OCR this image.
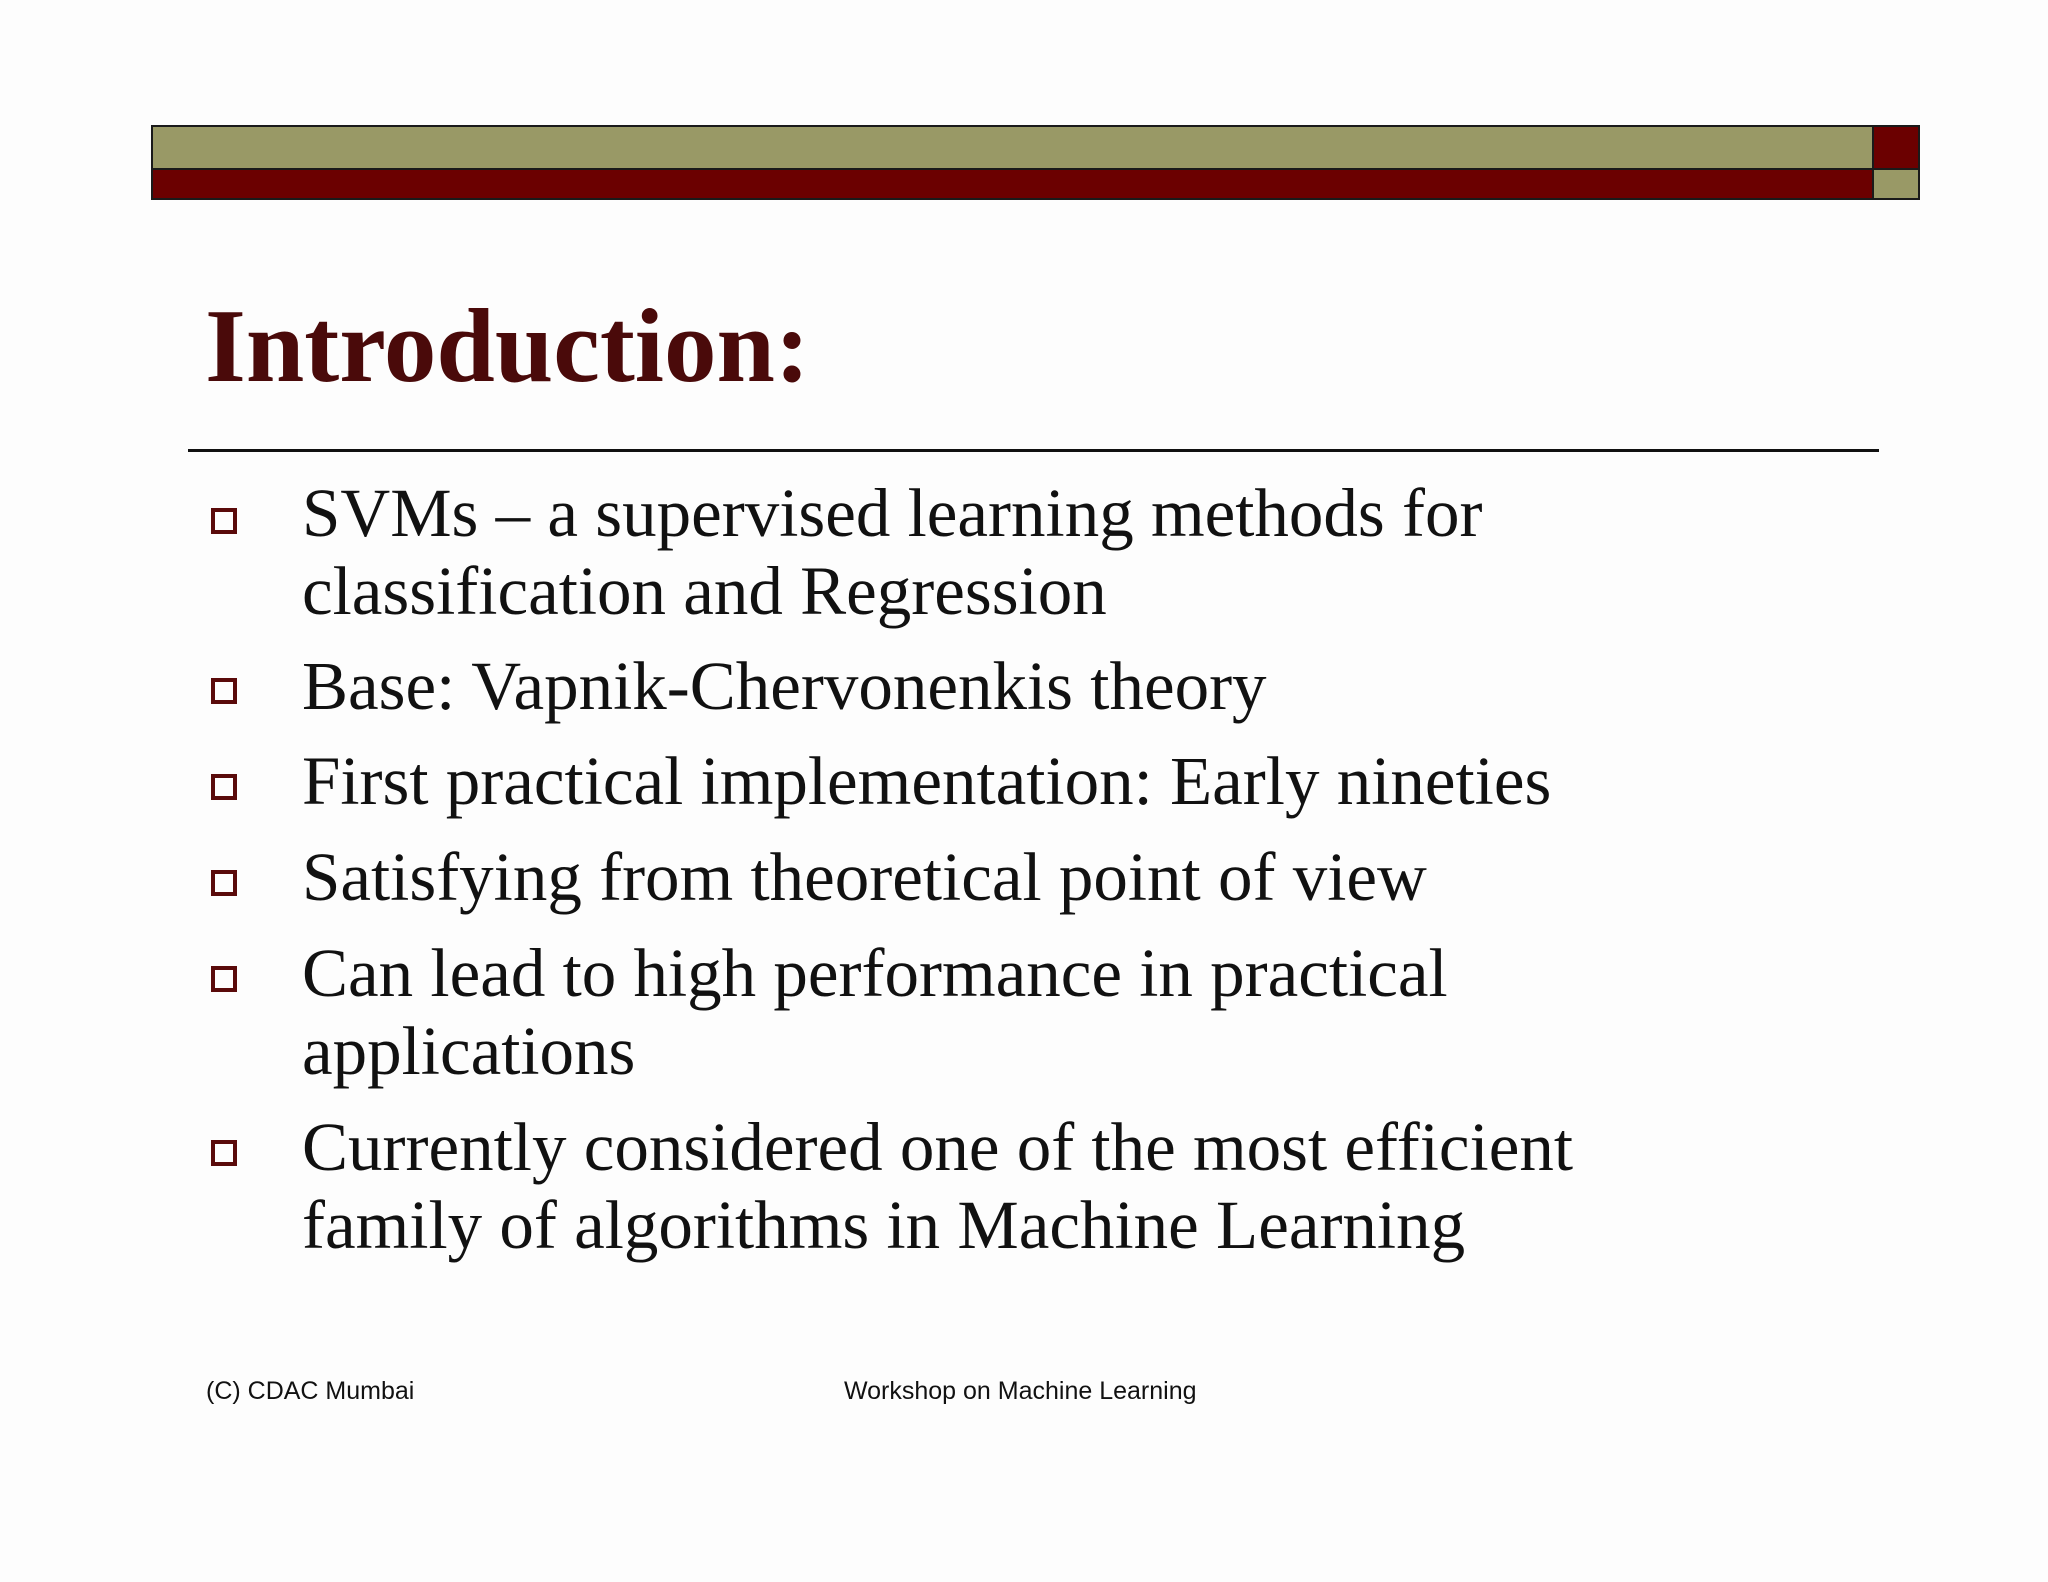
Introduction:
SVMs – a supervised learning methods for
classification and Regression
Base: Vapnik-Chervonenkis theory
First practical implementation: Early nineties
Satisfying from theoretical point of view
Can lead to high performance in practical
applications
Currently considered one of the most efficient
family of algorithms in Machine Learning
(C) CDAC Mumbai	Workshop on Machine Learning
